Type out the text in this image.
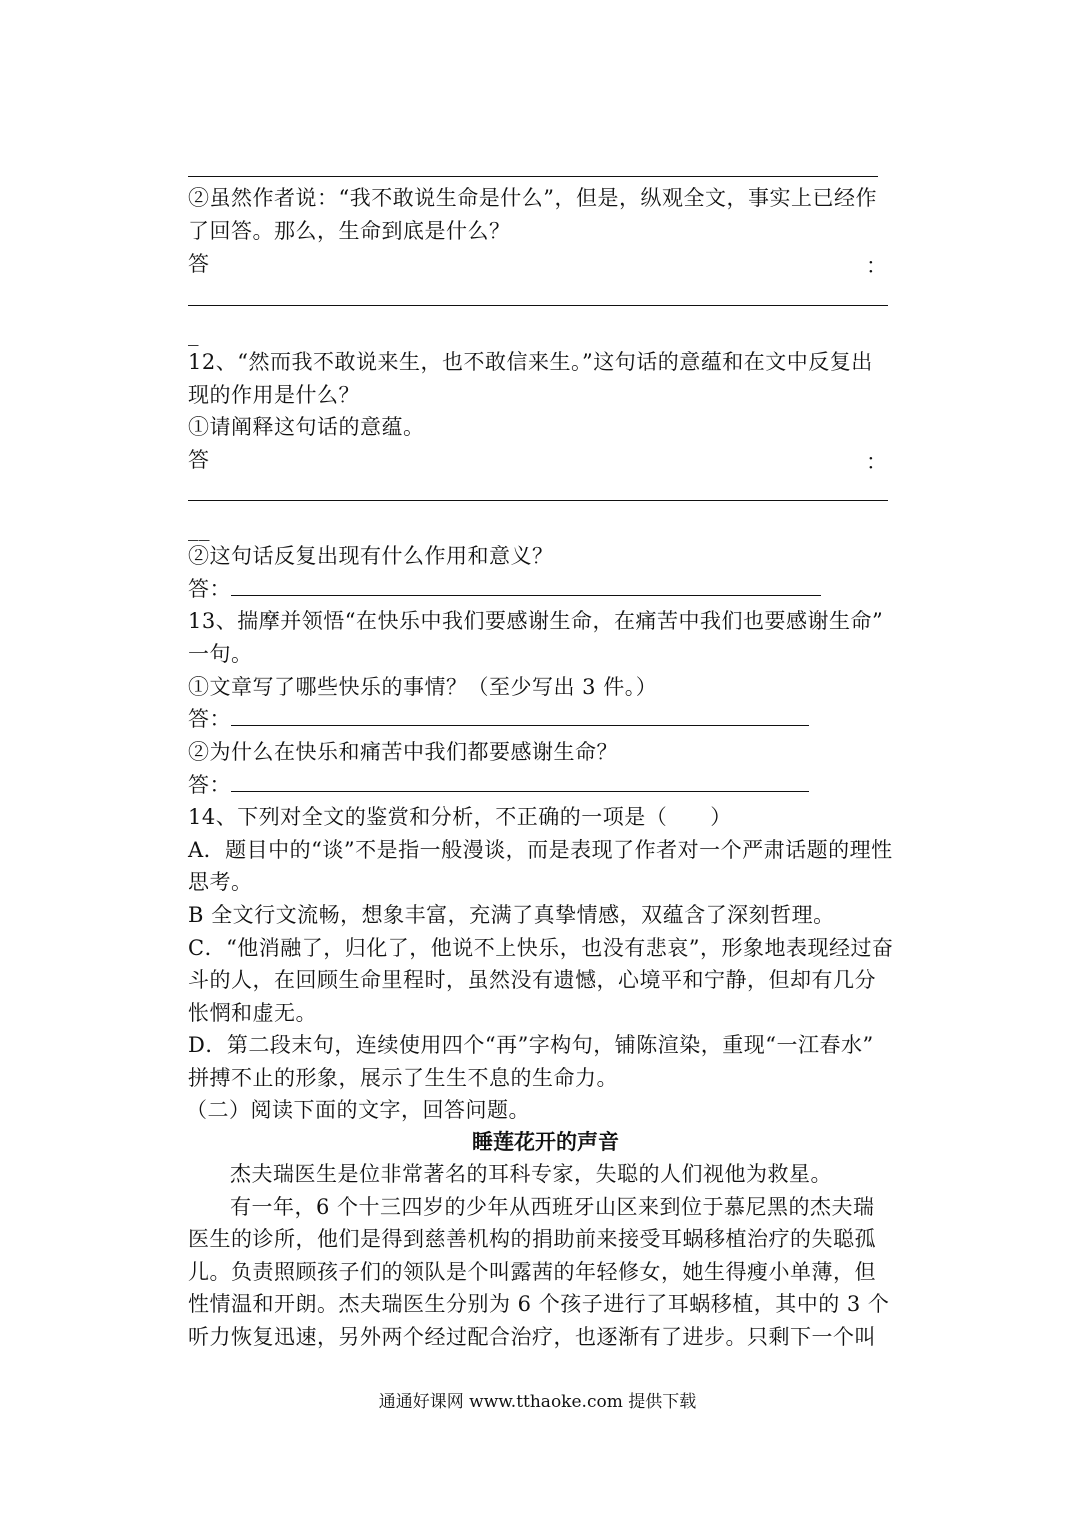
②虽然作者说：“我不敢说生命是什么”，但是，纵观全文，事实上已经作
了回答。那么，生命到底是什么？
答	：
_
12、“然而我不敢说来生，也不敢信来生。”这句话的意蕴和在文中反复出
现的作用是什么？
①请阐释这句话的意蕴。
答	：
__
②这句话反复出现有什么作用和意义？
答：
13、揣摩并领悟“在快乐中我们要感谢生命，在痛苦中我们也要感谢生命”
一句。
①文章写了哪些快乐的事情？（至少写出 3 件。）
答：
②为什么在快乐和痛苦中我们都要感谢生命？
答：
14、下列对全文的鉴赏和分析，不正确的一项是（　　）
A．题目中的“谈”不是指一般漫谈，而是表现了作者对一个严肃话题的理性
思考。
B 全文行文流畅，想象丰富，充满了真挚情感，双蕴含了深刻哲理。
C．“他消融了，归化了，他说不上快乐，也没有悲哀”，形象地表现经过奋
斗的人，在回顾生命里程时，虽然没有遗憾，心境平和宁静，但却有几分
怅惘和虚无。
D．第二段末句，连续使用四个“再”字构句，铺陈渲染，重现“一江春水”
拼搏不止的形象，展示了生生不息的生命力。
（二）阅读下面的文字，回答问题。
睡莲花开的声音
杰夫瑞医生是位非常著名的耳科专家，失聪的人们视他为救星。
有一年，6 个十三四岁的少年从西班牙山区来到位于慕尼黑的杰夫瑞
医生的诊所，他们是得到慈善机构的捐助前来接受耳蜗移植治疗的失聪孤
儿。负责照顾孩子们的领队是个叫露茜的年轻修女，她生得瘦小单薄，但
性情温和开朗。杰夫瑞医生分别为 6 个孩子进行了耳蜗移植，其中的 3 个
听力恢复迅速，另外两个经过配合治疗，也逐渐有了进步。只剩下一个叫
通通好课网 www.tthaoke.com 提供下载
